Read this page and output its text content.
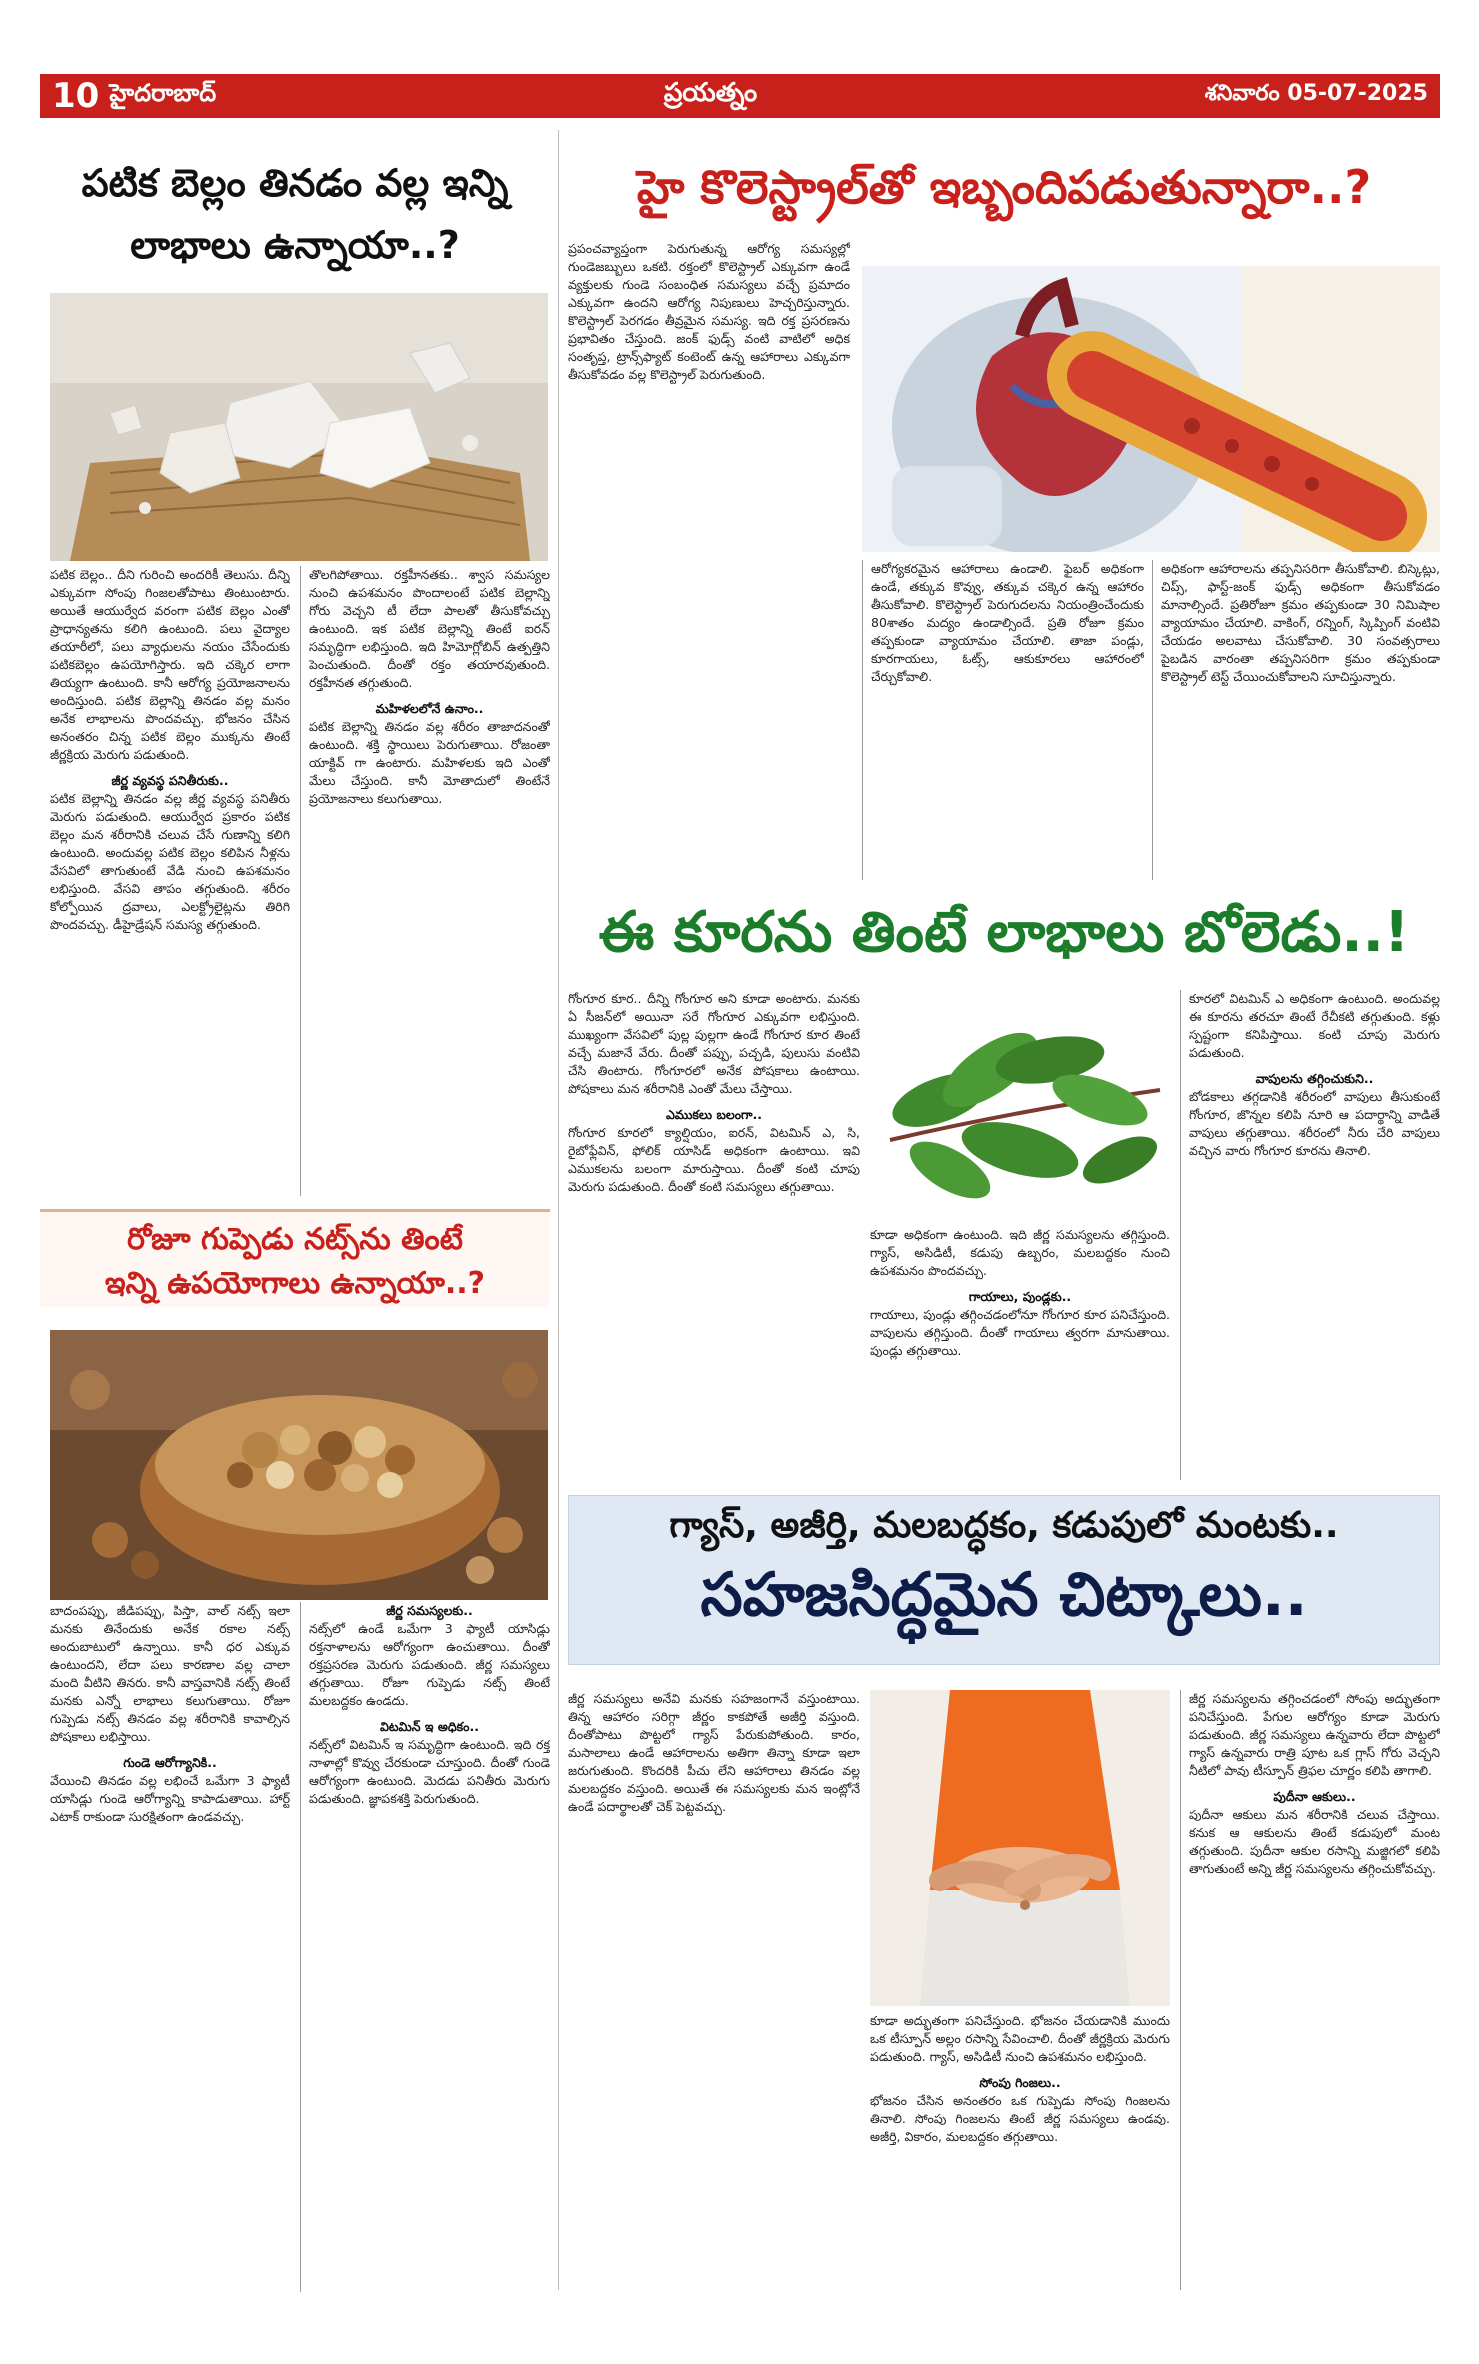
10 హైదరాబాద్	ప్రయత్నం	శనివారం 05-07-2025
పటిక బెల్లం తినడం వల్ల ఇన్ని లాభాలు ఉన్నాయా..?
పటిక బెల్లం.. దీని గురించి అందరికీ తెలుసు. దీన్ని ఎక్కువగా సోంపు గింజలతోపాటు తింటుంటారు. అయితే ఆయుర్వేద వరంగా పటిక బెల్లం ఎంతో ప్రాధాన్యతను కలిగి ఉంటుంది. పలు వైద్యాల తయారీలో, పలు వ్యాధులను నయం చేసేందుకు పటికబెల్లం ఉపయోగిస్తారు. ఇది చక్కెర లాగా తియ్యగా ఉంటుంది. కానీ ఆరోగ్య ప్రయోజనాలను అందిస్తుంది. పటిక బెల్లాన్ని తినడం వల్ల మనం అనేక లాభాలను పొందవచ్చు. భోజనం చేసిన అనంతరం చిన్న పటిక బెల్లం ముక్కను తింటే జీర్ణక్రియ మెరుగు పడుతుంది.
జీర్ణ వ్యవస్థ పనితీరుకు..
పటిక బెల్లాన్ని తినడం వల్ల జీర్ణ వ్యవస్థ పనితీరు మెరుగు పడుతుంది. ఆయుర్వేద ప్రకారం పటిక బెల్లం మన శరీరానికి చలువ చేసే గుణాన్ని కలిగి ఉంటుంది. అందువల్ల పటిక బెల్లం కలిపిన నీళ్లను వేసవిలో తాగుతుంటే వేడి నుంచి ఉపశమనం లభిస్తుంది. వేసవి తాపం తగ్గుతుంది. శరీరం కోల్పోయిన ద్రవాలు, ఎలక్ట్రోలైట్లను తిరిగి పొందవచ్చు. డీహైడ్రేషన్ సమస్య తగ్గుతుంది.
తొలగిపోతాయి. రక్తహీనతకు.. శ్వాస సమస్యల నుంచి ఉపశమనం పొందాలంటే పటిక బెల్లాన్ని గోరు వెచ్చని టీ లేదా పాలతో తీసుకోవచ్చు ఉంటుంది. ఇక పటిక బెల్లాన్ని తింటే ఐరన్ సమృద్ధిగా లభిస్తుంది. ఇది హిమోగ్లోబిన్ ఉత్పత్తిని పెంచుతుంది. దీంతో రక్తం తయారవుతుంది. రక్తహీనత తగ్గుతుంది.
మహిళలలోనే ఉనాం..
పటిక బెల్లాన్ని తినడం వల్ల శరీరం తాజాదనంతో ఉంటుంది. శక్తి స్థాయిలు పెరుగుతాయి. రోజంతా యాక్టివ్ గా ఉంటారు. మహిళలకు ఇది ఎంతో మేలు చేస్తుంది. కానీ మోతాదులో తింటేనే ప్రయోజనాలు కలుగుతాయి.
రోజూ గుప్పెడు నట్స్‌ను తింటే
ఇన్ని ఉపయోగాలు ఉన్నాయా..?
బాదంపప్పు, జీడిపప్పు, పిస్తా, వాల్ నట్స్ ఇలా మనకు తినేందుకు అనేక రకాల నట్స్ అందుబాటులో ఉన్నాయి. కానీ ధర ఎక్కువ ఉంటుందని, లేదా పలు కారణాల వల్ల చాలా మంది వీటిని తినరు. కానీ వాస్తవానికి నట్స్ తింటే మనకు ఎన్నో లాభాలు కలుగుతాయి. రోజూ గుప్పెడు నట్స్ తినడం వల్ల శరీరానికి కావాల్సిన పోషకాలు లభిస్తాయి.
గుండె ఆరోగ్యానికి..
వేయించి తినడం వల్ల లభించే ఒమేగా 3 ఫ్యాటీ యాసిడ్లు గుండె ఆరోగ్యాన్ని కాపాడుతాయి. హార్ట్ ఎటాక్ రాకుండా సురక్షితంగా ఉండవచ్చు.
జీర్ణ సమస్యలకు..
నట్స్‌లో ఉండే ఒమేగా 3 ఫ్యాటీ యాసిడ్లు రక్తనాళాలను ఆరోగ్యంగా ఉంచుతాయి. దీంతో రక్తప్రసరణ మెరుగు పడుతుంది. జీర్ణ సమస్యలు తగ్గుతాయి. రోజూ గుప్పెడు నట్స్ తింటే మలబద్దకం ఉండదు.
విటమిన్ ఇ అధికం..
నట్స్‌లో విటమిన్ ఇ సమృద్ధిగా ఉంటుంది. ఇది రక్త నాళాల్లో కొవ్వు చేరకుండా చూస్తుంది. దీంతో గుండె ఆరోగ్యంగా ఉంటుంది. మెదడు పనితీరు మెరుగు పడుతుంది. జ్ఞాపకశక్తి పెరుగుతుంది.
హై కొలెస్ట్రాల్‌తో ఇబ్బందిపడుతున్నారా..?
ప్రపంచవ్యాప్తంగా పెరుగుతున్న ఆరోగ్య సమస్యల్లో గుండెజబ్బులు ఒకటి. రక్తంలో కొలెస్ట్రాల్ ఎక్కువగా ఉండే వ్యక్తులకు గుండె సంబంధిత సమస్యలు వచ్చే ప్రమాదం ఎక్కువగా ఉందని ఆరోగ్య నిపుణులు హెచ్చరిస్తున్నారు. కొలెస్ట్రాల్ పెరగడం తీవ్రమైన సమస్య. ఇది రక్త ప్రసరణను ప్రభావితం చేస్తుంది. జంక్ ఫుడ్స్ వంటి వాటిలో అధిక సంతృప్త, ట్రాన్స్‌ఫ్యాట్ కంటెంట్ ఉన్న ఆహారాలు ఎక్కువగా తీసుకోవడం వల్ల కొలెస్ట్రాల్ పెరుగుతుంది.
ఆరోగ్యకరమైన ఆహారాలు ఉండాలి. ఫైబర్ అధికంగా ఉండే, తక్కువ కొవ్వు, తక్కువ చక్కెర ఉన్న ఆహారం తీసుకోవాలి. కొలెస్ట్రాల్ పెరుగుదలను నియంత్రించేందుకు 80శాతం మద్యం ఉండాల్సిందే. ప్రతి రోజూ క్రమం తప్పకుండా వ్యాయామం చేయాలి. తాజా పండ్లు, కూరగాయలు, ఓట్స్, ఆకుకూరలు ఆహారంలో చేర్చుకోవాలి.
అధికంగా ఆహారాలను తప్పనిసరిగా తీసుకోవాలి. బిస్కెట్లు, చిప్స్, ఫాస్ట్-జంక్ ఫుడ్స్ అధికంగా తీసుకోవడం మానాల్సిందే. ప్రతిరోజూ క్రమం తప్పకుండా 30 నిమిషాల వ్యాయామం చేయాలి. వాకింగ్, రన్నింగ్, స్కిప్పింగ్ వంటివి చేయడం అలవాటు చేసుకోవాలి. 30 సంవత్సరాలు పైబడిన వారంతా తప్పనిసరిగా క్రమం తప్పకుండా కొలెస్ట్రాల్ టెస్ట్ చేయించుకోవాలని సూచిస్తున్నారు.
ఈ కూరను తింటే లాభాలు బోలెడు..!
గోంగూర కూర.. దీన్ని గోంగూర అని కూడా అంటారు. మనకు ఏ సీజన్‌లో అయినా సరే గోంగూర ఎక్కువగా లభిస్తుంది. ముఖ్యంగా వేసవిలో పుల్ల పుల్లగా ఉండే గోంగూర కూర తింటే వచ్చే మజానే వేరు. దీంతో పప్పు, పచ్చడి, పులుసు వంటివి చేసి తింటారు. గోంగూరలో అనేక పోషకాలు ఉంటాయి. పోషకాలు మన శరీరానికి ఎంతో మేలు చేస్తాయి.
ఎముకలు బలంగా..
గోంగూర కూరలో క్యాల్షియం, ఐరన్, విటమిన్ ఎ, సి, రైబోఫ్లేవిన్, ఫోలిక్ యాసిడ్ అధికంగా ఉంటాయి. ఇవి ఎముకలను బలంగా మారుస్తాయి. దీంతో కంటి చూపు మెరుగు పడుతుంది. దీంతో కంటి సమస్యలు తగ్గుతాయి.
కూడా అధికంగా ఉంటుంది. ఇది జీర్ణ సమస్యలను తగ్గిస్తుంది. గ్యాస్, అసిడిటీ, కడుపు ఉబ్బరం, మలబద్దకం నుంచి ఉపశమనం పొందవచ్చు.
గాయాలు, పుండ్లకు..
గాయాలు, పుండ్లు తగ్గించడంలోనూ గోంగూర కూర పనిచేస్తుంది. వాపులను తగ్గిస్తుంది. దీంతో గాయాలు త్వరగా మానుతాయి. పుండ్లు తగ్గుతాయి.
కూరలో విటమిన్ ఎ అధికంగా ఉంటుంది. అందువల్ల ఈ కూరను తరచూ తింటే రేచీకటి తగ్గుతుంది. కళ్లు స్పష్టంగా కనిపిస్తాయి. కంటి చూపు మెరుగు పడుతుంది.
వాపులను తగ్గించుకుని..
బోడకాలు తగ్గడానికి శరీరంలో వాపులు తీసుకుంటే గోంగూర, జొన్నల కలిపి నూరి ఆ పదార్థాన్ని వాడితే వాపులు తగ్గుతాయి. శరీరంలో నీరు చేరి వాపులు వచ్చిన వారు గోంగూర కూరను తినాలి.
గ్యాస్, అజీర్తి, మలబద్ధకం, కడుపులో మంటకు..
సహజసిద్ధమైన చిట్కాలు..
జీర్ణ సమస్యలు అనేవి మనకు సహజంగానే వస్తుంటాయి. తిన్న ఆహారం సరిగ్గా జీర్ణం కాకపోతే అజీర్తి వస్తుంది. దీంతోపాటు పొట్టలో గ్యాస్ పేరుకుపోతుంది. కారం, మసాలాలు ఉండే ఆహారాలను అతిగా తిన్నా కూడా ఇలా జరుగుతుంది. కొందరికి పీచు లేని ఆహారాలు తినడం వల్ల మలబద్దకం వస్తుంది. అయితే ఈ సమస్యలకు మన ఇంట్లోనే ఉండే పదార్థాలతో చెక్ పెట్టవచ్చు.
కూడా అద్భుతంగా పనిచేస్తుంది. భోజనం చేయడానికి ముందు ఒక టీస్పూన్ అల్లం రసాన్ని సేవించాలి. దీంతో జీర్ణక్రియ మెరుగు పడుతుంది. గ్యాస్, అసిడిటీ నుంచి ఉపశమనం లభిస్తుంది.
సోంపు గింజలు..
భోజనం చేసిన అనంతరం ఒక గుప్పెడు సోంపు గింజలను తినాలి. సోంపు గింజలను తింటే జీర్ణ సమస్యలు ఉండవు. అజీర్తి, వికారం, మలబద్దకం తగ్గుతాయి.
జీర్ణ సమస్యలను తగ్గించడంలో సోంపు అద్భుతంగా పనిచేస్తుంది. పేగుల ఆరోగ్యం కూడా మెరుగు పడుతుంది. జీర్ణ సమస్యలు ఉన్నవారు లేదా పొట్టలో గ్యాస్ ఉన్నవారు రాత్రి పూట ఒక గ్లాస్ గోరు వెచ్చని నీటిలో పావు టీస్పూన్ త్రిఫల చూర్ణం కలిపి తాగాలి.
పుదీనా ఆకులు..
పుదీనా ఆకులు మన శరీరానికి చలువ చేస్తాయి. కనుక ఆ ఆకులను తింటే కడుపులో మంట తగ్గుతుంది. పుదీనా ఆకుల రసాన్ని మజ్జిగలో కలిపి తాగుతుంటే అన్ని జీర్ణ సమస్యలను తగ్గించుకోవచ్చు.
